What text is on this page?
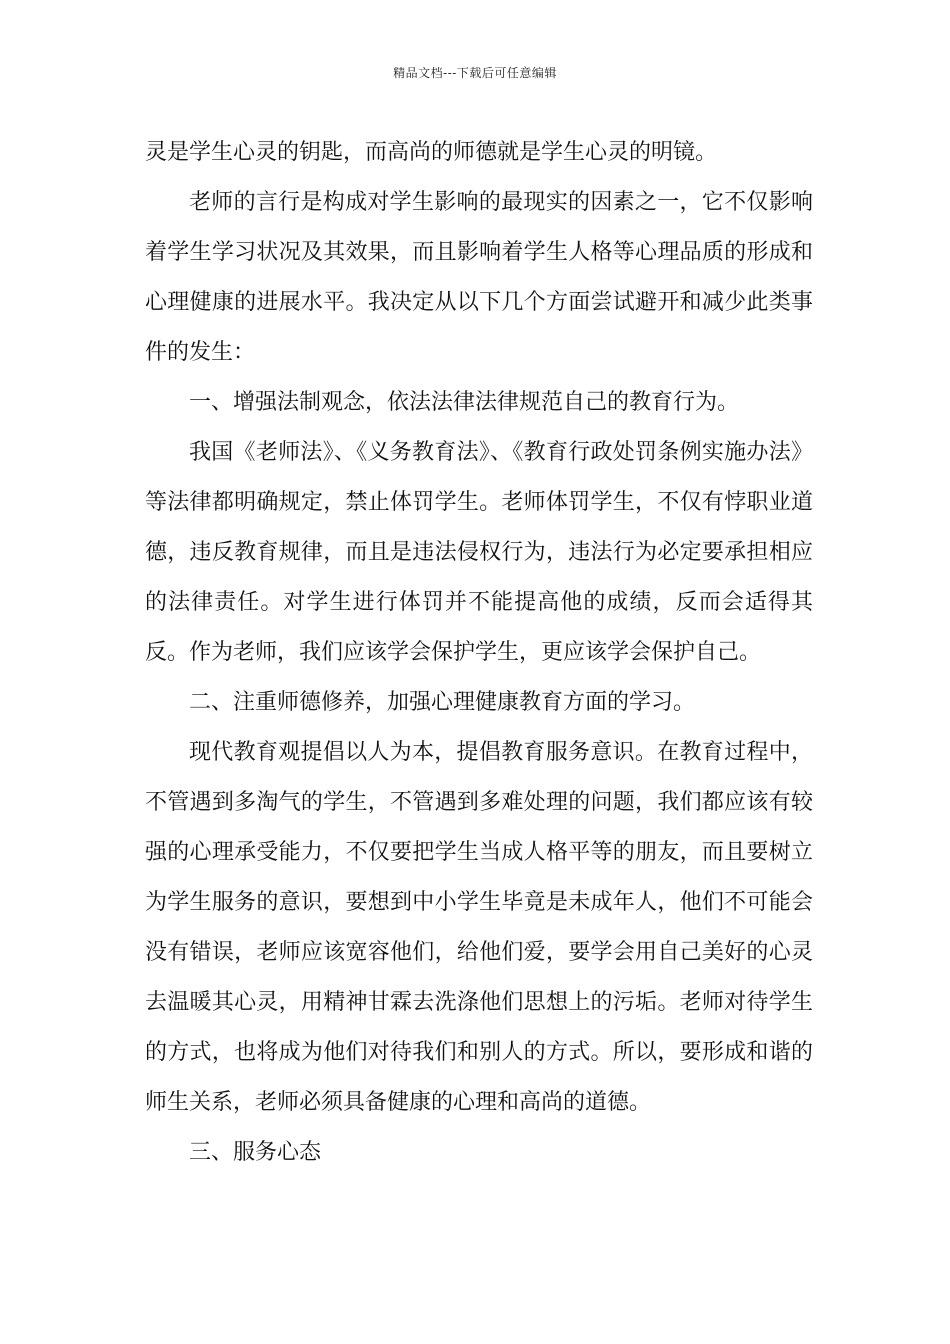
精品文档---下载后可任意编辑

灵是学生心灵的钥匙，而高尚的师德就是学生心灵的明镜。

老师的言行是构成对学生影响的最现实的因素之一，它不仅影响着学生学习状况及其效果，而且影响着学生人格等心理品质的形成和心理健康的进展水平。我决定从以下几个方面尝试避开和减少此类事件的发生：

一、增强法制观念，依法法律法律规范自己的教育行为。

我国《老师法》、《义务教育法》、《教育行政处罚条例实施办法》等法律都明确规定，禁止体罚学生。老师体罚学生，不仅有悖职业道德，违反教育规律，而且是违法侵权行为，违法行为必定要承担相应的法律责任。对学生进行体罚并不能提高他的成绩，反而会适得其反。作为老师，我们应该学会保护学生，更应该学会保护自己。

二、注重师德修养，加强心理健康教育方面的学习。

现代教育观提倡以人为本，提倡教育服务意识。在教育过程中，不管遇到多淘气的学生，不管遇到多难处理的问题，我们都应该有较强的心理承受能力，不仅要把学生当成人格平等的朋友，而且要树立为学生服务的意识，要想到中小学生毕竟是未成年人，他们不可能会没有错误，老师应该宽容他们，给他们爱，要学会用自己美好的心灵去温暖其心灵，用精神甘霖去洗涤他们思想上的污垢。老师对待学生的方式，也将成为他们对待我们和别人的方式。所以，要形成和谐的师生关系，老师必须具备健康的心理和高尚的道德。

三、服务心态
